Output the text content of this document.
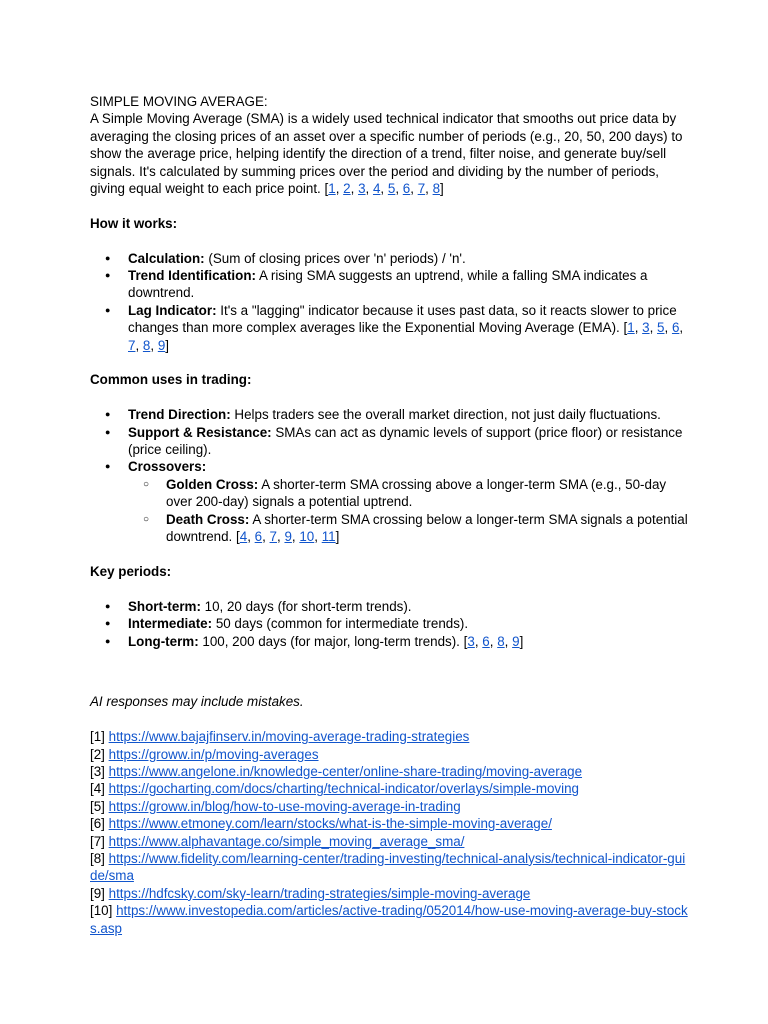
SIMPLE MOVING AVERAGE:

A Simple Moving Average (SMA) is a widely used technical indicator that smooths out price data by averaging the closing prices of an asset over a specific number of periods (e.g., 20, 50, 200 days) to show the average price, helping identify the direction of a trend, filter noise, and generate buy/sell signals. It's calculated by summing prices over the period and dividing by the number of periods, giving equal weight to each price point. [1, 2, 3, 4, 5, 6, 7, 8]

How it works:
● Calculation: (Sum of closing prices over 'n' periods) / 'n'.
● Trend Identification: A rising SMA suggests an uptrend, while a falling SMA indicates a downtrend.
● Lag Indicator: It's a "lagging" indicator because it uses past data, so it reacts slower to price changes than more complex averages like the Exponential Moving Average (EMA). [1, 3, 5, 6, 7, 8, 9]
Common uses in trading:
● Trend Direction: Helps traders see the overall market direction, not just daily fluctuations.
● Support & Resistance: SMAs can act as dynamic levels of support (price floor) or resistance (price ceiling).
● Crossovers:
○ Golden Cross: A shorter-term SMA crossing above a longer-term SMA (e.g., 50-day over 200-day) signals a potential uptrend.
○ Death Cross: A shorter-term SMA crossing below a longer-term SMA signals a potential downtrend. [4, 6, 7, 9, 10, 11]
Key periods:
● Short-term: 10, 20 days (for short-term trends).
● Intermediate: 50 days (common for intermediate trends).
● Long-term: 100, 200 days (for major, long-term trends). [3, 6, 8, 9]

AI responses may include mistakes.

[1] https://www.bajajfinserv.in/moving-average-trading-strategies

[2] https://groww.in/p/moving-averages

[3] https://www.angelone.in/knowledge-center/online-share-trading/moving-average

[4] https://gocharting.com/docs/charting/technical-indicator/overlays/simple-moving

[5] https://groww.in/blog/how-to-use-moving-average-in-trading

[6] https://www.etmoney.com/learn/stocks/what-is-the-simple-moving-average/

[7] https://www.alphavantage.co/simple_moving_average_sma/

[8] https://www.fidelity.com/learning-center/trading-investing/technical-analysis/technical-indicator-guide/sma

[9] https://hdfcsky.com/sky-learn/trading-strategies/simple-moving-average

[10] https://www.investopedia.com/articles/active-trading/052014/how-use-moving-average-buy-stocks.asp
